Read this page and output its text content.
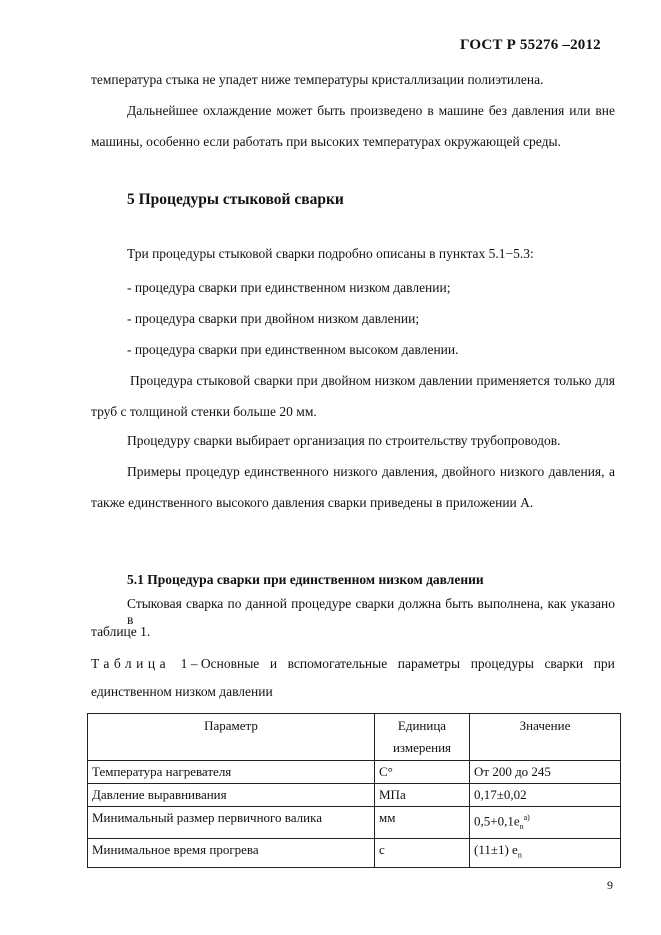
ГОСТ Р 55276 –2012
температура стыка не упадет ниже температуры кристаллизации полиэтилена.
Дальнейшее охлаждение может быть произведено в машине без давления или вне
машины, особенно если работать при высоких температурах окружающей среды.
5 Процедуры стыковой сварки
Три процедуры стыковой сварки подробно описаны в пунктах 5.1−5.3:
- процедура сварки при единственном низком давлении;
- процедура сварки при двойном низком давлении;
- процедура сварки при единственном высоком давлении.
Процедура стыковой сварки при двойном низком давлении применяется только для
труб с толщиной стенки больше 20 мм.
Процедуру сварки выбирает организация по строительству трубопроводов.
Примеры процедур единственного низкого давления, двойного низкого давления, а
также единственного высокого давления сварки приведены в приложении А.
5.1 Процедура сварки при единственном низком давлении
Стыковая сварка по данной процедуре сварки должна быть выполнена, как указано в
таблице 1.
Таблица 1 – Основные и вспомогательные параметры процедуры сварки при
единственном низком давлении
Параметр	Единица измерения	Значение
Температура нагревателя	С°	От 200 до 245
Давление выравнивания	МПа	0,17±0,02
Минимальный размер первичного валика	мм	$0,5+0,1e_n^{a)}$
Минимальное время прогрева	с	(11±1) $e_n$
9
